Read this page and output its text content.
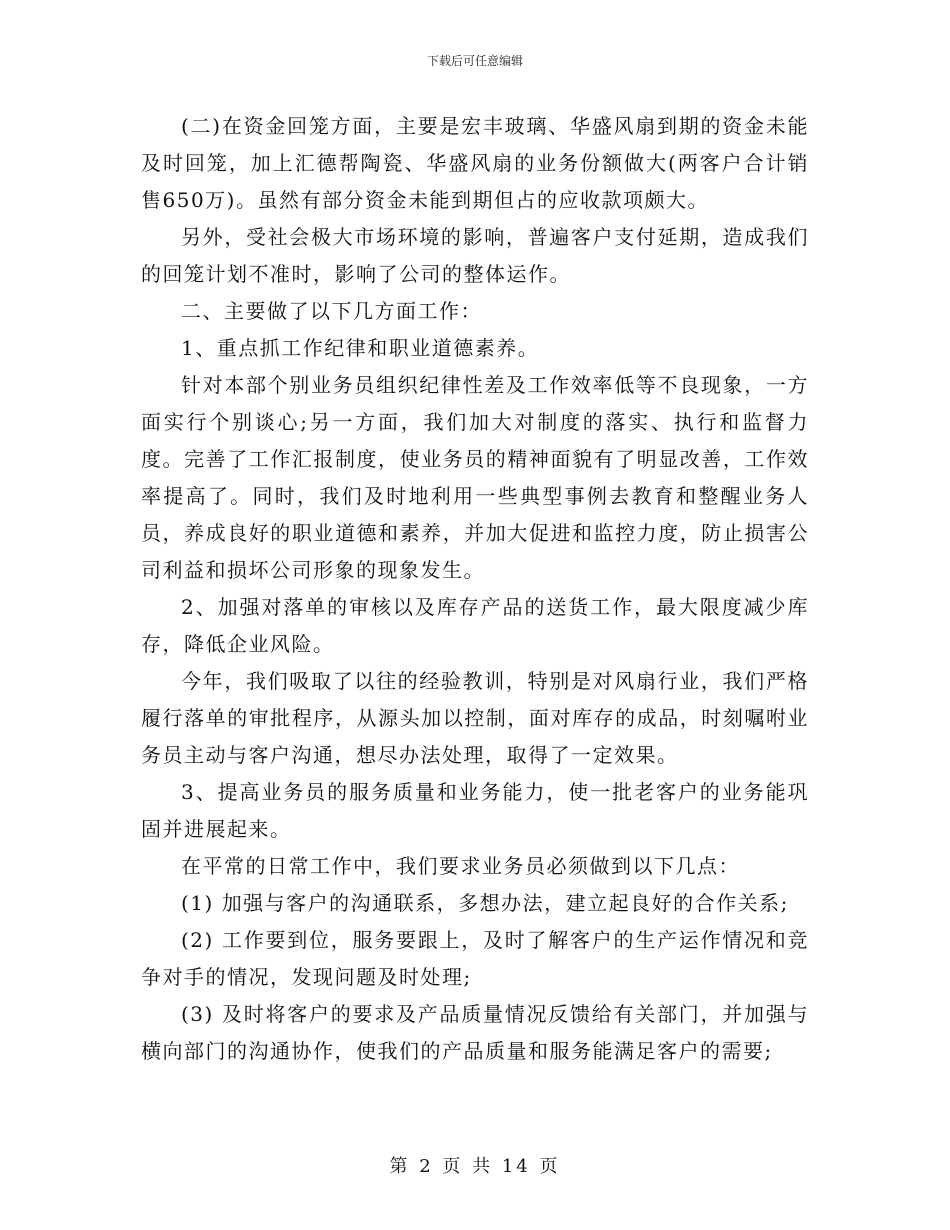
下载后可任意编辑

(二)在资金回笼方面，主要是宏丰玻璃、华盛风扇到期的资金未能及时回笼，加上汇德帮陶瓷、华盛风扇的业务份额做大(两客户合计销售650万)。虽然有部分资金未能到期但占的应收款项颇大。

另外，受社会极大市场环境的影响，普遍客户支付延期，造成我们的回笼计划不准时，影响了公司的整体运作。

二、主要做了以下几方面工作：

1、重点抓工作纪律和职业道德素养。

针对本部个别业务员组织纪律性差及工作效率低等不良现象，一方面实行个别谈心;另一方面，我们加大对制度的落实、执行和监督力度。完善了工作汇报制度，使业务员的精神面貌有了明显改善，工作效率提高了。同时，我们及时地利用一些典型事例去教育和整醒业务人员，养成良好的职业道德和素养，并加大促进和监控力度，防止损害公司利益和损坏公司形象的现象发生。

2、加强对落单的审核以及库存产品的送货工作，最大限度减少库存，降低企业风险。

今年，我们吸取了以往的经验教训，特别是对风扇行业，我们严格履行落单的审批程序，从源头加以控制，面对库存的成品，时刻嘱咐业务员主动与客户沟通，想尽办法处理，取得了一定效果。

3、提高业务员的服务质量和业务能力，使一批老客户的业务能巩固并进展起来。

在平常的日常工作中，我们要求业务员必须做到以下几点：

(1) 加强与客户的沟通联系，多想办法，建立起良好的合作关系;

(2) 工作要到位，服务要跟上，及时了解客户的生产运作情况和竞争对手的情况，发现问题及时处理;

(3) 及时将客户的要求及产品质量情况反馈给有关部门，并加强与横向部门的沟通协作，使我们的产品质量和服务能满足客户的需要;

第 2 页 共 14 页
